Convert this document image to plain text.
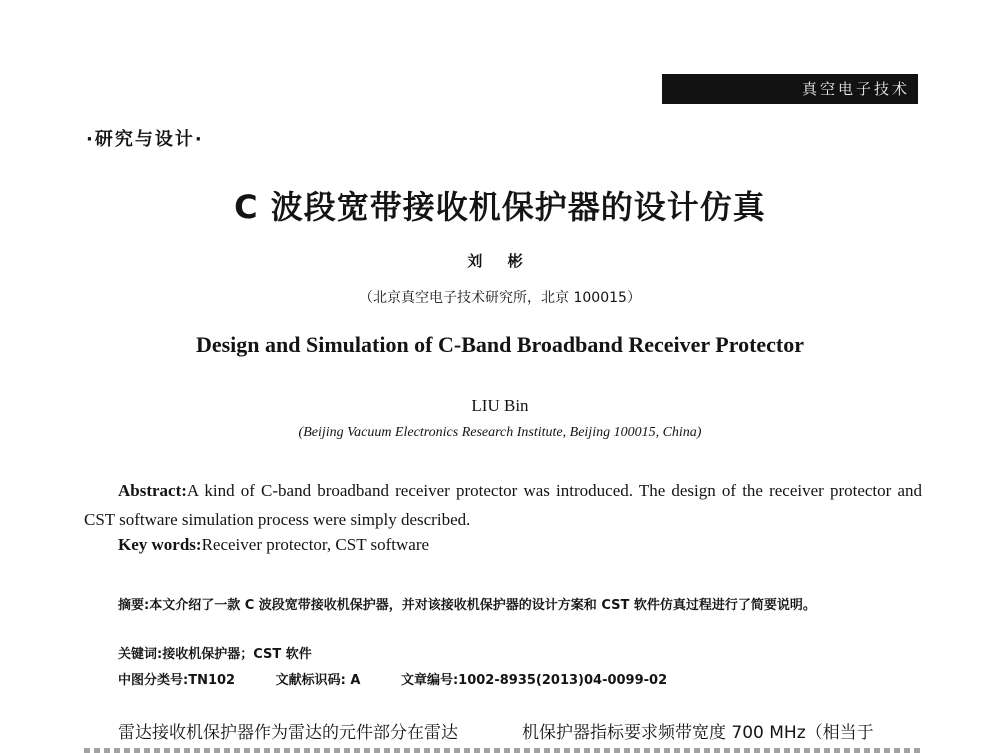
真空电子技术
·研究与设计·
C 波段宽带接收机保护器的设计仿真
刘 彬
（北京真空电子技术研究所，北京 100015）
Design and Simulation of C-Band Broadband Receiver Protector
LIU Bin
(Beijing Vacuum Electronics Research Institute, Beijing 100015, China)
Abstract:A kind of C-band broadband receiver protector was introduced. The design of the receiver protector and CST software simulation process were simply described.
Key words:Receiver protector, CST software
摘要:本文介绍了一款 C 波段宽带接收机保护器，并对该接收机保护器的设计方案和 CST 软件仿真过程进行了简要说明。
关键词:接收机保护器；CST 软件
中图分类号:TN102	文献标识码: A	文章编号:1002-8935(2013)04-0099-02
雷达接收机保护器作为雷达的元件部分在雷达	机保护器指标要求频带宽度 700 MHz（相当于
